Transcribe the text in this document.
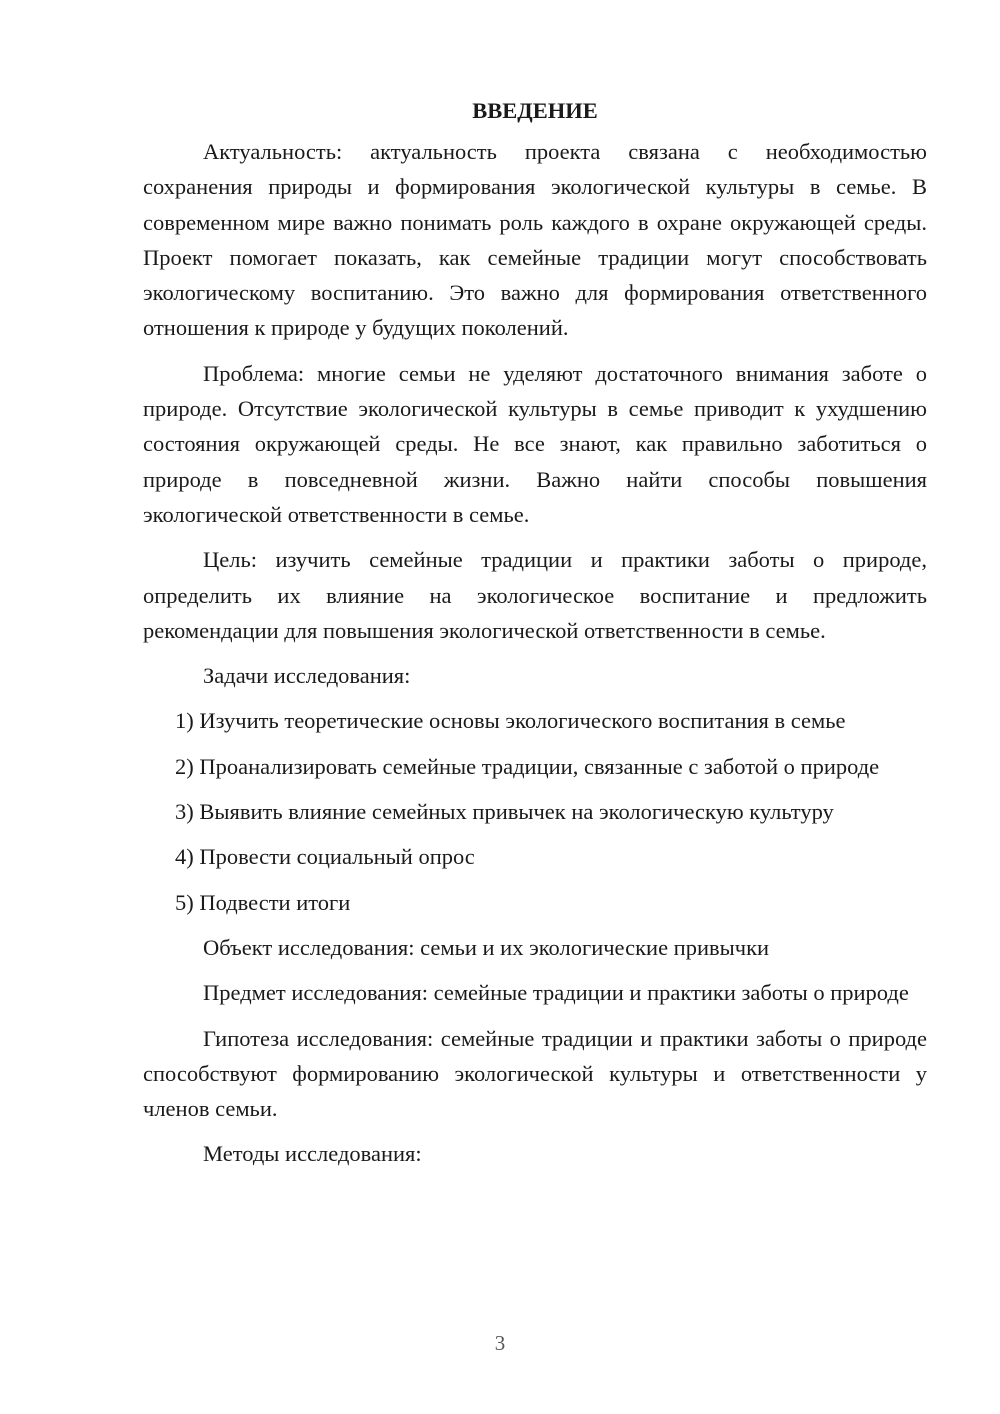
ВВЕДЕНИЕ

Актуальность: актуальность проекта связана с необходимостью сохранения природы и формирования экологической культуры в семье. В современном мире важно понимать роль каждого в охране окружающей среды. Проект помогает показать, как семейные традиции могут способствовать экологическому воспитанию. Это важно для формирования ответственного отношения к природе у будущих поколений.

Проблема: многие семьи не уделяют достаточного внимания заботе о природе. Отсутствие экологической культуры в семье приводит к ухудшению состояния окружающей среды. Не все знают, как правильно заботиться о природе в повседневной жизни. Важно найти способы повышения экологической ответственности в семье.

Цель: изучить семейные традиции и практики заботы о природе, определить их влияние на экологическое воспитание и предложить рекомендации для повышения экологической ответственности в семье.

Задачи исследования:

1) Изучить теоретические основы экологического воспитания в семье

2) Проанализировать семейные традиции, связанные с заботой о природе

3) Выявить влияние семейных привычек на экологическую культуру

4) Провести социальный опрос

5) Подвести итоги

Объект исследования: семьи и их экологические привычки

Предмет исследования: семейные традиции и практики заботы о природе

Гипотеза исследования: семейные традиции и практики заботы о природе способствуют формированию экологической культуры и ответственности у членов семьи.

Методы исследования:

3
